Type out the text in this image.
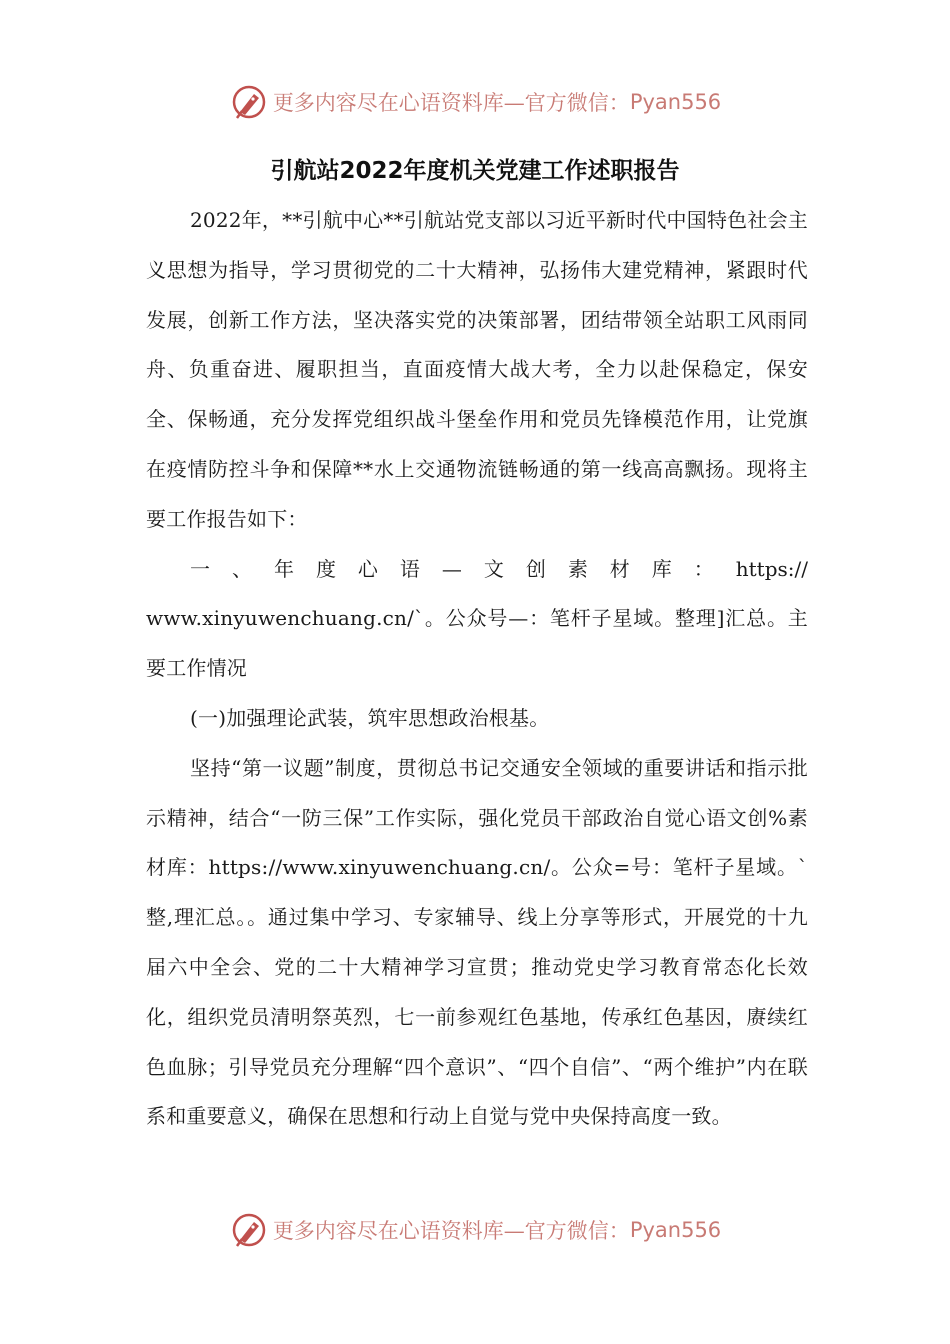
更多内容尽在心语资料库—官方微信： Pyan556
引航站2022年度机关党建工作述职报告

2022年，**引航中心**引航站党支部以习近平新时代中国特色社会主义思想为指导，学习贯彻党的二十大精神，弘扬伟大建党精神，紧跟时代发展，创新工作方法，坚决落实党的决策部署，团结带领全站职工风雨同舟、负重奋进、履职担当，直面疫情大战大考，全力以赴保稳定，保安全、保畅通，充分发挥党组织战斗堡垒作用和党员先锋模范作用，让党旗在疫情防控斗争和保障**水上交通物流链畅通的第一线高高飘扬。现将主要工作报告如下：

一、年度心语—文创素材库：https://

www.xinyuwenchuang.cn/`。公众号—：笔杆子星域。整理]汇总。主要工作情况

(一)加强理论武装，筑牢思想政治根基。

坚持“第一议题”制度，贯彻总书记交通安全领域的重要讲话和指示批示精神，结合“一防三保”工作实际，强化党员干部政治自觉心语文创%素材库：https://www.xinyuwenchuang.cn/。公众=号：笔杆子星域。`整,理汇总。。通过集中学习、专家辅导、线上分享等形式，开展党的十九届六中全会、党的二十大精神学习宣贯；推动党史学习教育常态化长效化，组织党员清明祭英烈，七一前参观红色基地，传承红色基因，赓续红色血脉；引导党员充分理解“四个意识”、“四个自信”、“两个维护”内在联系和重要意义，确保在思想和行动上自觉与党中央保持高度一致。

更多内容尽在心语资料库—官方微信： Pyan556
